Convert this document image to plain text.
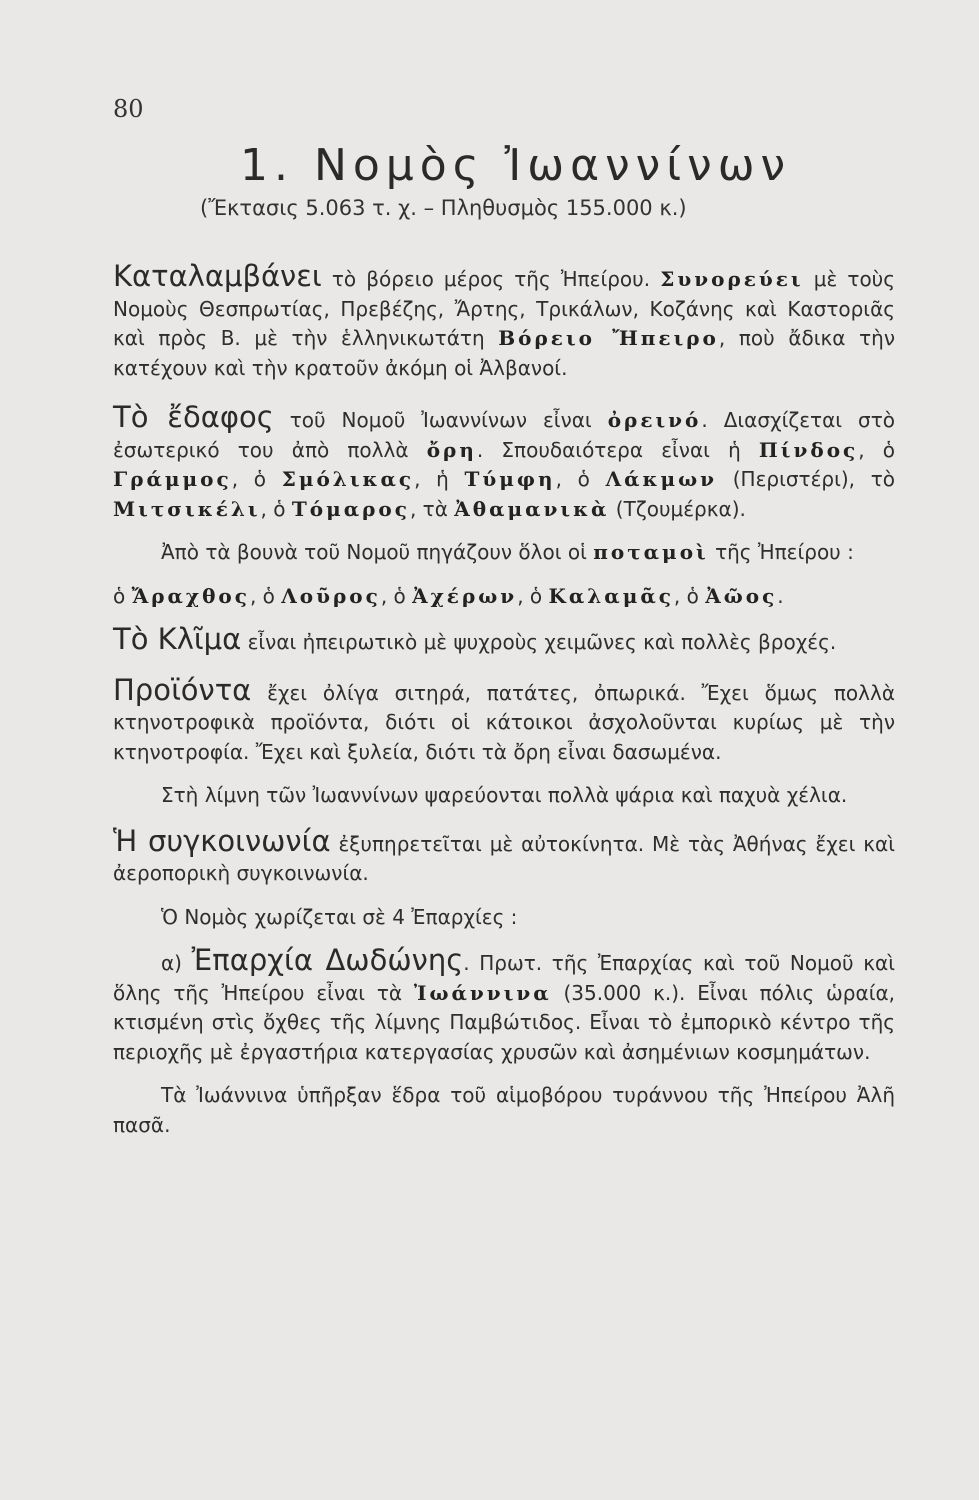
80
1. Νομὸς Ἰωαννίνων
(Ἔκτασις 5.063 τ. χ. – Πληθυσμὸς 155.000 κ.)

Καταλαμβάνει τὸ βόρειο μέρος τῆς Ἠπείρου. Συνορεύει μὲ τοὺς Νομοὺς Θεσπρωτίας, Πρεβέζης, Ἄρτης, Τρικάλων, Κοζάνης καὶ Καστοριᾶς καὶ πρὸς Β. μὲ τὴν ἑλληνικωτάτη Βόρειο Ἤπειρο, ποὺ ἄδικα τὴν κατέχουν καὶ τὴν κρατοῦν ἀκόμη οἱ Ἀλβανοί.

Τὸ ἔδαφος τοῦ Νομοῦ Ἰωαννίνων εἶναι ὀρεινό. Διασχίζεται στὸ ἐσωτερικό του ἀπὸ πολλὰ ὄρη. Σπουδαιότερα εἶναι ἡ Πίνδος, ὁ Γράμμος, ὁ Σμόλικας, ἡ Τύμφη, ὁ Λάκμων (Περιστέρι), τὸ Μιτσικέλι, ὁ Τόμαρος, τὰ Ἀθαμανικὰ (Τζουμέρκα).

Ἀπὸ τὰ βουνὰ τοῦ Νομοῦ πηγάζουν ὅλοι οἱ ποταμοὶ τῆς Ἠπείρου :

ὁ Ἄραχθος, ὁ Λοῦρος, ὁ Ἀχέρων, ὁ Καλαμᾶς, ὁ Ἀῶος.

Τὸ Κλῖμα εἶναι ἠπειρωτικὸ μὲ ψυχροὺς χειμῶνες καὶ πολλὲς βροχές.

Προϊόντα ἔχει ὀλίγα σιτηρά, πατάτες, ὀπωρικά. Ἔχει ὅμως πολλὰ κτηνοτροφικὰ προϊόντα, διότι οἱ κάτοικοι ἀσχολοῦνται κυρίως μὲ τὴν κτηνοτροφία. Ἔχει καὶ ξυλεία, διότι τὰ ὄρη εἶναι δασωμένα.

Στὴ λίμνη τῶν Ἰωαννίνων ψαρεύονται πολλὰ ψάρια καὶ παχυὰ χέλια.

Ἡ συγκοινωνία ἐξυπηρετεῖται μὲ αὐτοκίνητα. Μὲ τὰς Ἀθήνας ἔχει καὶ ἀεροπορικὴ συγκοινωνία.

Ὁ Νομὸς χωρίζεται σὲ 4 Ἐπαρχίες :

α) Ἐπαρχία Δωδώνης. Πρωτ. τῆς Ἐπαρχίας καὶ τοῦ Νομοῦ καὶ ὅλης τῆς Ἠπείρου εἶναι τὰ Ἰωάννινα (35.000 κ.). Εἶναι πόλις ὡραία, κτισμένη στὶς ὄχθες τῆς λίμνης Παμβώτιδος. Εἶναι τὸ ἐμπορικὸ κέντρο τῆς περιοχῆς μὲ ἐργαστήρια κατεργασίας χρυσῶν καὶ ἀσημένιων κοσμημάτων.

Τὰ Ἰωάννινα ὑπῆρξαν ἕδρα τοῦ αἱμοβόρου τυράννου τῆς Ἠπείρου Ἀλῆ πασᾶ.
